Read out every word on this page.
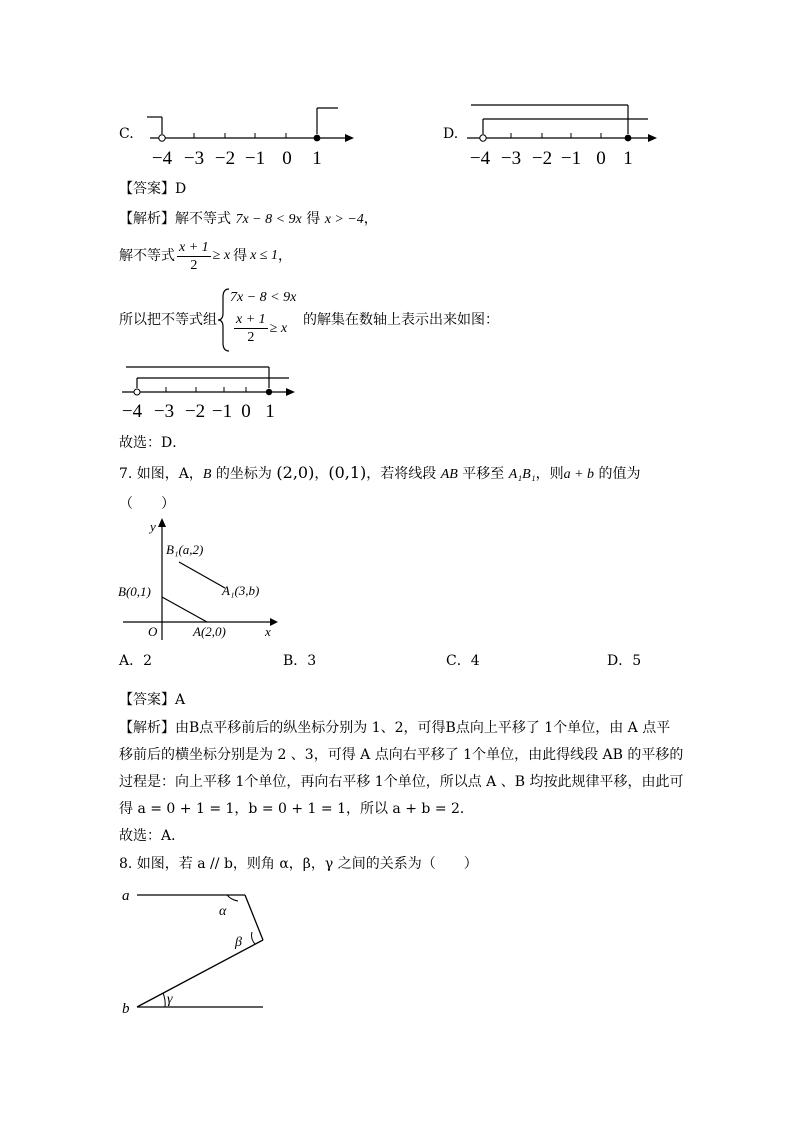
C.
−4 −3 −2 −1 0 1
D.
−4 −3 −2 −1 0 1
【答案】D
【解析】解不等式 7x − 8 < 9x 得 x > −4，
解不等式 $\frac{x + 1}{2} \ge x$ 得 x ≤ 1 ，
所以把不等式组
7x − 8 < 9x
$\frac{x + 1}{2} \ge x$ 的解集在数轴上表示出来如图：
−4 −3 −2 −1 0 1
故选：D．
7. 如图，A，B 的坐标为 (2,0)，(0,1)，若将线段 AB 平移至 A₁B₁，则a + b 的值为
（　　）
y
x
O
B₁(a,2)
A₁(3,b)
B(0,1)
A(2,0)
A．2	B．3	C．4	D．5
【答案】A
【解析】由B点平移前后的纵坐标分别为 1、2，可得B点向上平移了 1个单位，由 A 点平
移前后的横坐标分别是为 2 、3，可得 A 点向右平移了 1个单位，由此得线段 AB 的平移的
过程是：向上平移 1个单位，再向右平移 1个单位，所以点 A 、B 均按此规律平移，由此可
得 a = 0 + 1 = 1，b = 0 + 1 = 1，所以 a + b = 2．
故选：A．
8. 如图，若 a // b，则角 α，β，γ 之间的关系为（　　）
a
b
α
β
γ
